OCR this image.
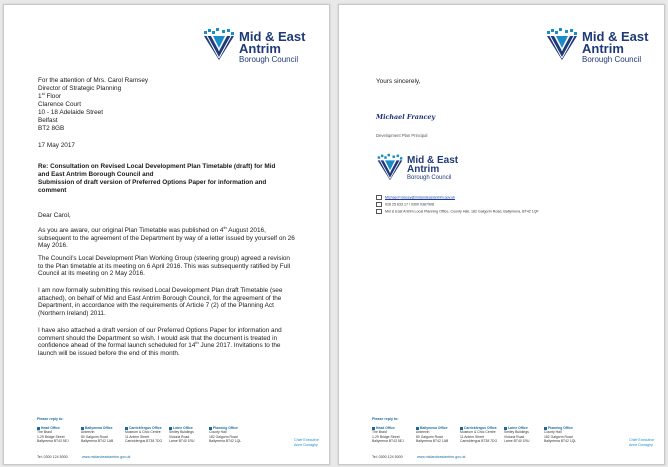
Mid & East
Antrim
Borough Council
For the attention of Mrs. Carol Ramsey
Director of Strategic Planning
1st Floor
Clarence Court
10 - 18 Adelaide Street
Belfast
BT2 8GB
17 May 2017
Re: Consultation on Revised Local Development Plan Timetable (draft) for Mid
and East Antrim Borough Council and
Submission of draft version of Preferred Options Paper for information and
comment
Dear Carol,
As you are aware, our original Plan Timetable was published on 4th August 2016, subsequent to the agreement of the Department by way of a letter issued by yourself on 26 May 2016.
The Council’s Local Development Plan Working Group (steering group) agreed a revision to the Plan timetable at its meeting on 6 April 2016. This was subsequently ratified by Full Council at its meeting on 2 May 2016.
I am now formally submitting this revised Local Development Plan draft Timetable (see attached), on behalf of Mid and East Antrim Borough Council, for the agreement of the Department, in accordance with the requirements of Article 7 (2) of the Planning Act (Northern Ireland) 2011.
I have also attached a draft version of our Preferred Options Paper for information and comment should the Department so wish. I would ask that the document is treated in confidence ahead of the formal launch scheduled for 14th June 2017. Invitations to the launch will be issued before the end of this month.
Please reply to:
Head Office
The Braid
1-29 Bridge Street
Ballymena BT43 5EJ
Ballymena Office
Ardeevin
80 Galgorm Road
Ballymena BT42 1AB
Carrickfergus Office
Museum & Civic Centre
11 Antrim Street
Carrickfergus BT38 7DG
Larne Office
Smiley Buildings
Victoria Road
Larne BT40 1RU
Planning Office
County Hall
182 Galgorm Road
Ballymena BT42 1QL	Chief Executive
Anne Donaghy
Tel: 0300 124 5000	www.midandeastantrim.gov.uk
Mid & East
Antrim
Borough Council
Yours sincerely,
Michael Francey
Development Plan Principal
Mid & East
Antrim
Borough Council
Michael.Francey@midandeastantrim.gov.uk
028 25 633 17 / 0300 0387908
Mid & East Antrim Local Planning Office, County Hall, 182 Galgorm Road, Ballymena, BT42 1QF
Please reply to:
Head Office
The Braid
1-29 Bridge Street
Ballymena BT43 5EJ
Ballymena Office
Ardeevin
80 Galgorm Road
Ballymena BT42 1AB
Carrickfergus Office
Museum & Civic Centre
11 Antrim Street
Carrickfergus BT38 7DG
Larne Office
Smiley Buildings
Victoria Road
Larne BT40 1RU
Planning Office
County Hall
182 Galgorm Road
Ballymena BT42 1QL	Chief Executive
Anne Donaghy
Tel: 0300 124 5000	www.midandeastantrim.gov.uk
